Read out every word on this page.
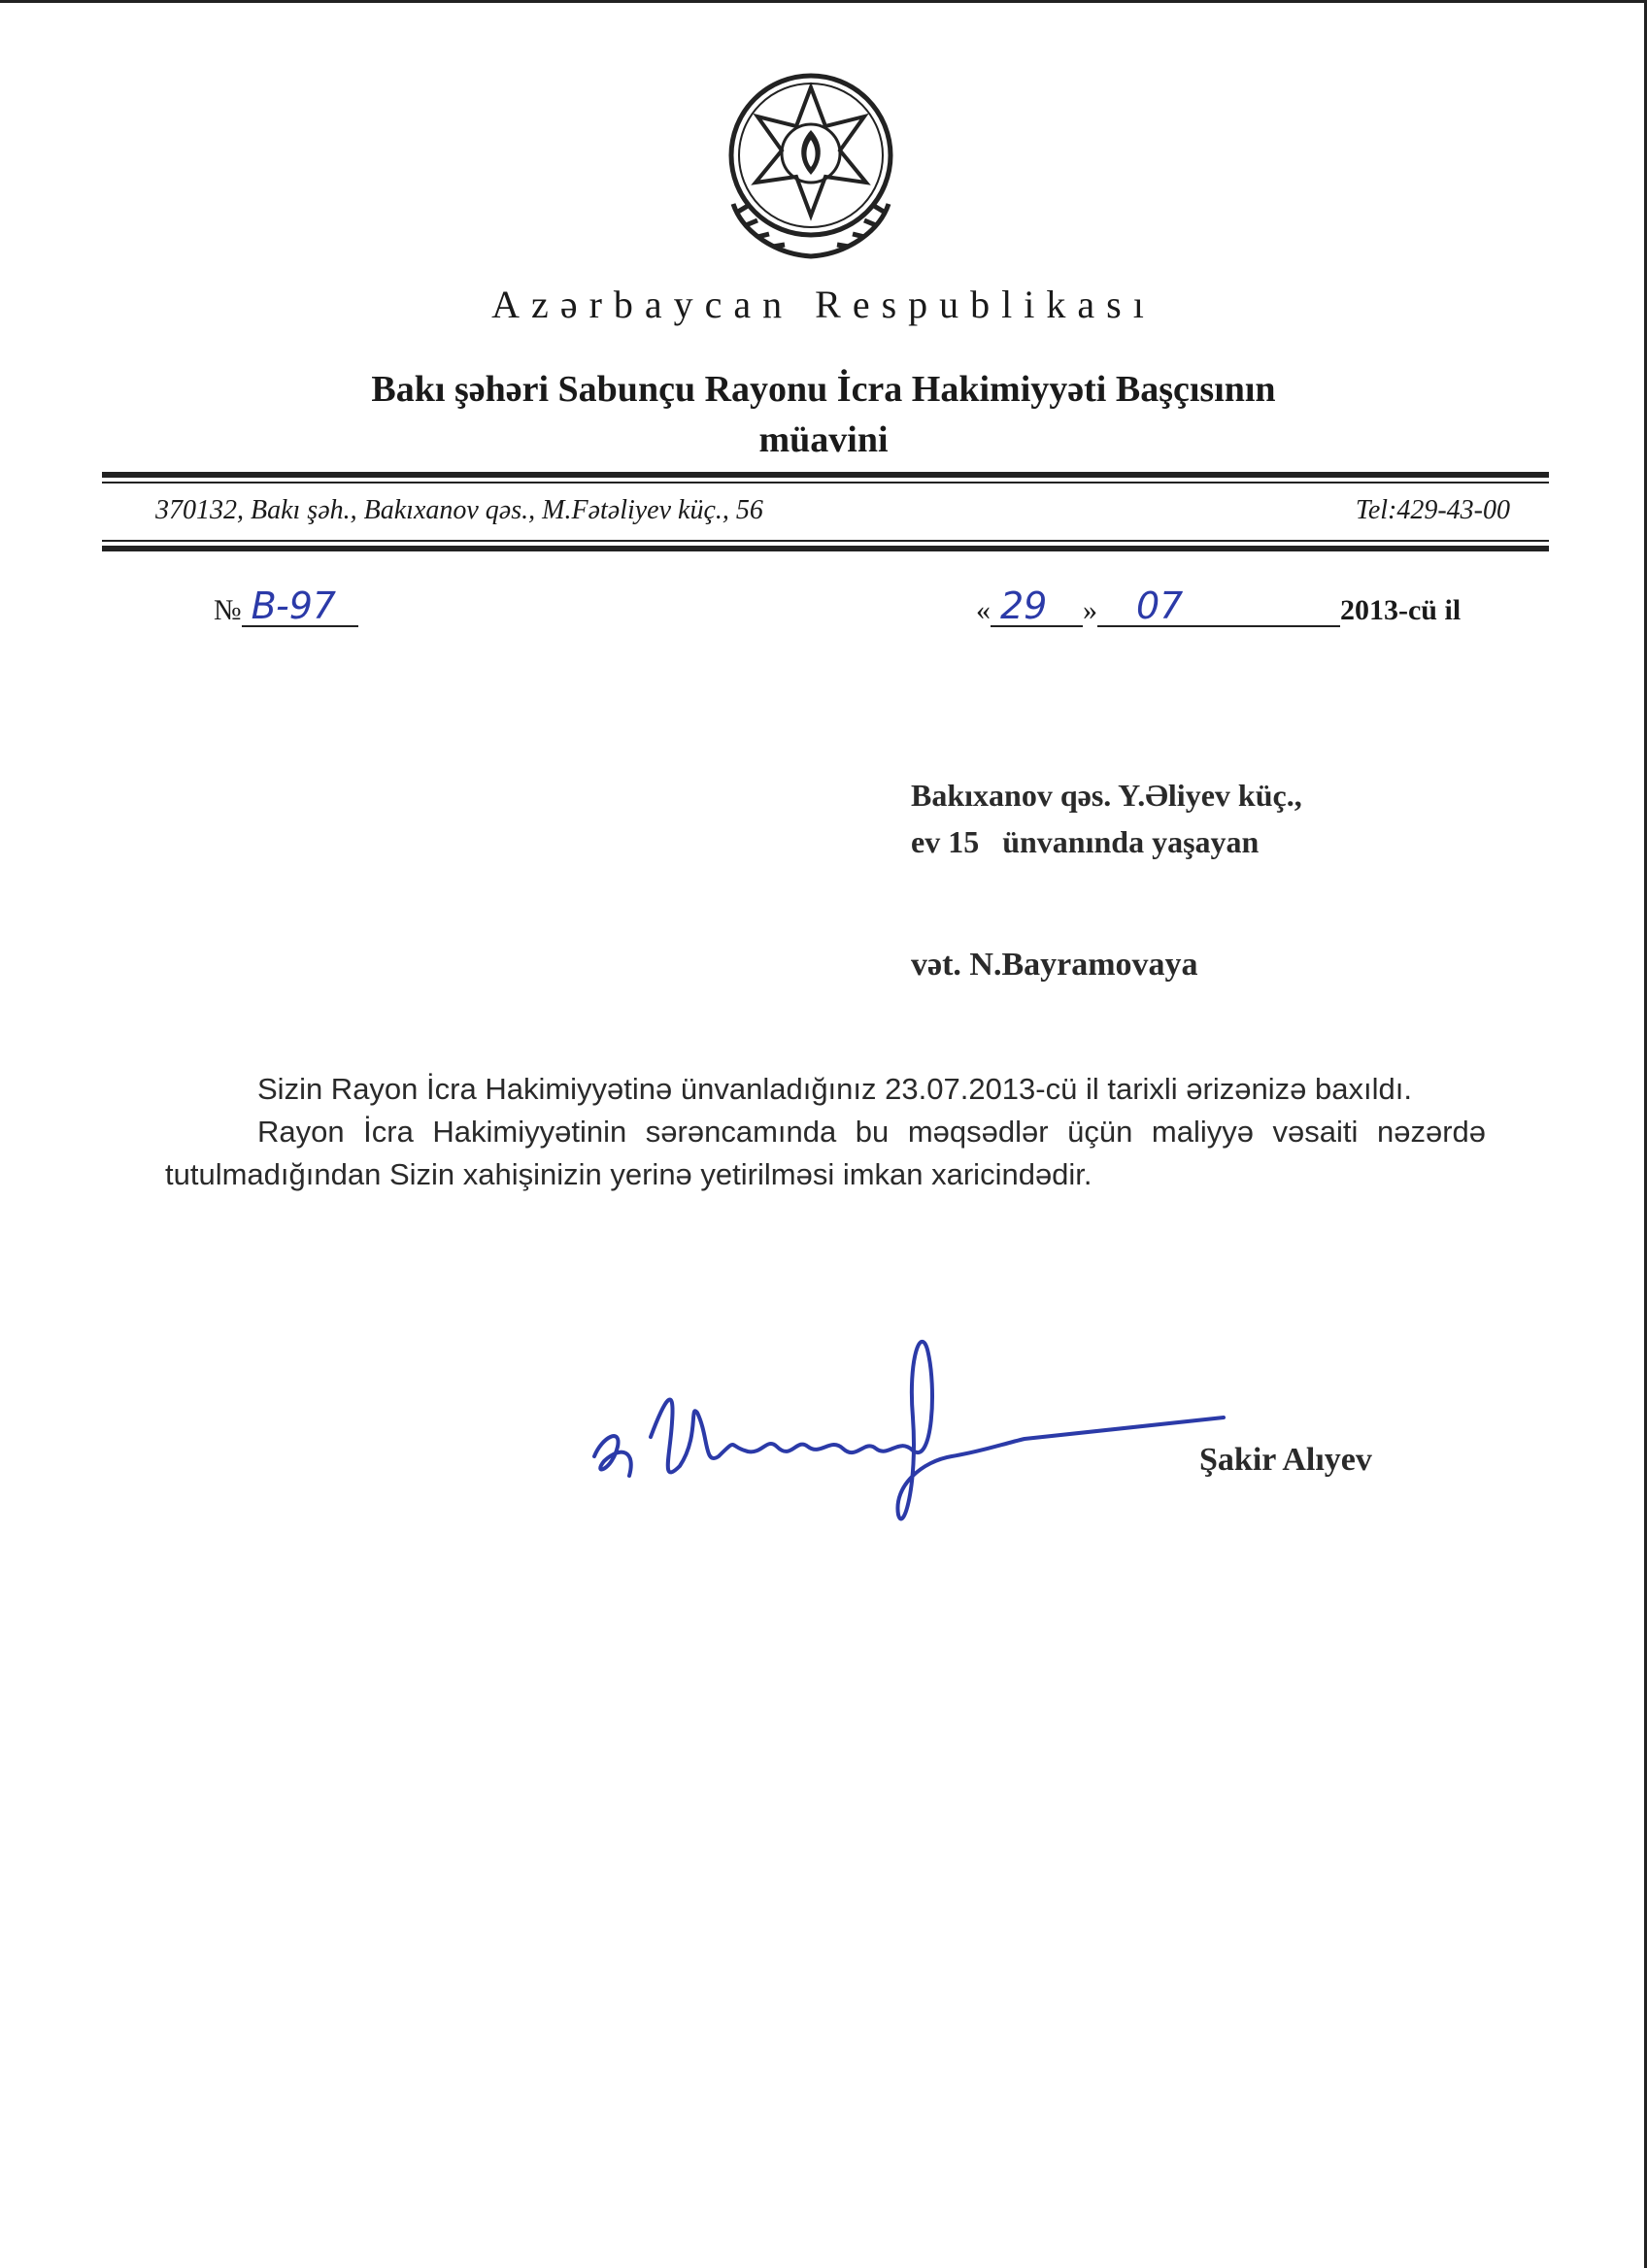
Azərbaycan Respublikası
Bakı şəhəri Sabunçu Rayonu İcra Hakimiyyəti Başçısının
müavini
370132, Bakı şəh., Bakıxanov qəs., M.Fətəliyev küç., 56	Tel:429-43-00
№ B-97	« 29 » 07	2013-cü il
Bakıxanov qəs. Y.Əliyev küç.,
ev 15   ünvanında yaşayan
vət. N.Bayramovaya

Sizin Rayon İcra Hakimiyyətinə ünvanladığınız 23.07.2013-cü il tarixli ərizənizə baxıldı.

Rayon İcra Hakimiyyətinin sərəncamında bu məqsədlər üçün maliyyə vəsaiti nəzərdə tutulmadığından Sizin xahişinizin yerinə yetirilməsi imkan xaricindədir.

Şakir Alıyev
